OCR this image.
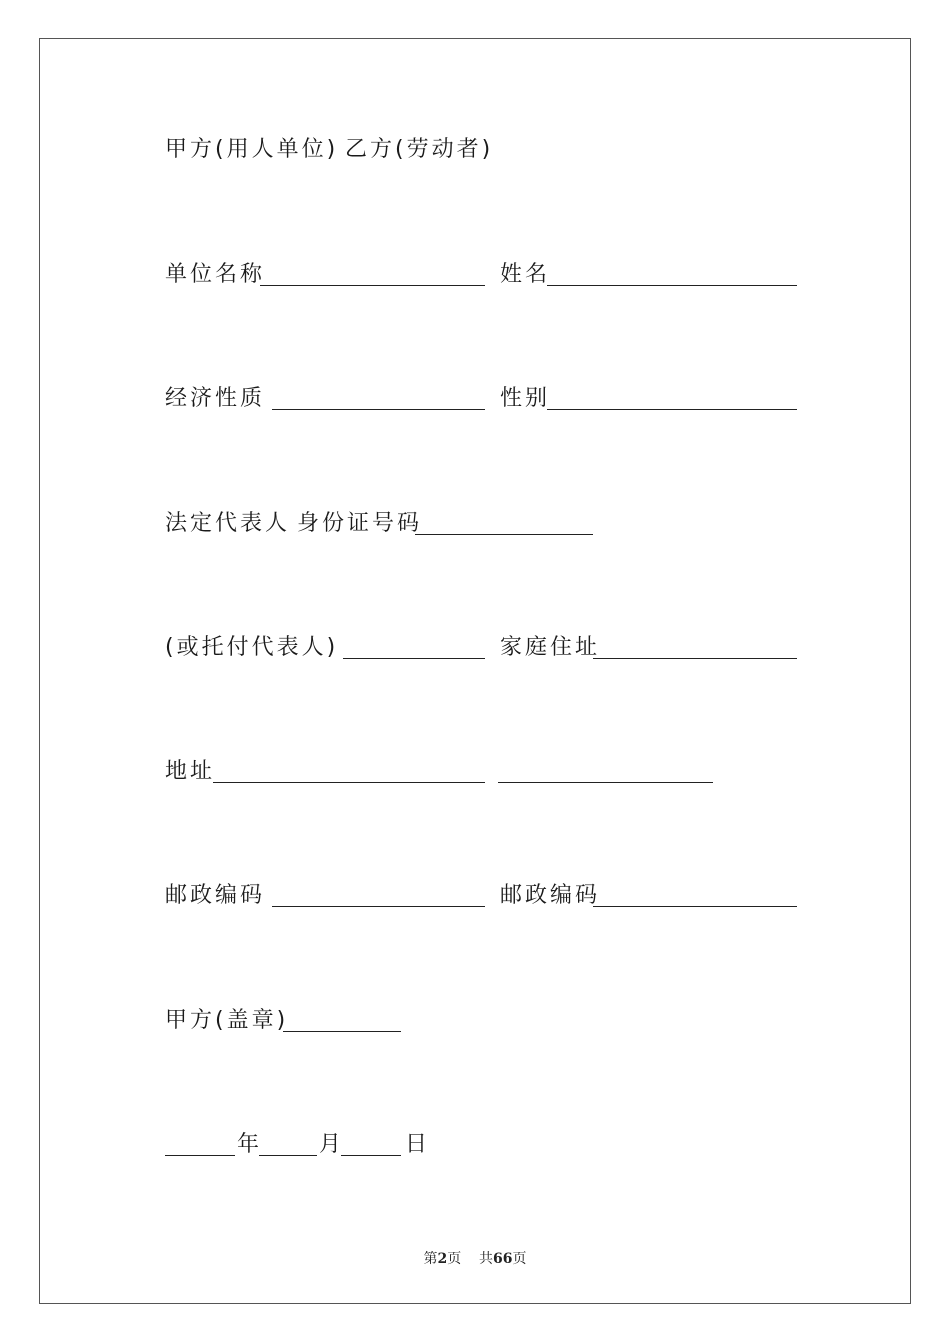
甲方(用人单位) 乙方(劳动者)
单位名称	姓名
经济性质	性别
法定代表人 身份证号码
(或托付代表人)	家庭住址
地址
邮政编码	邮政编码
甲方(盖章)
年	月	日
第2页 共66页
